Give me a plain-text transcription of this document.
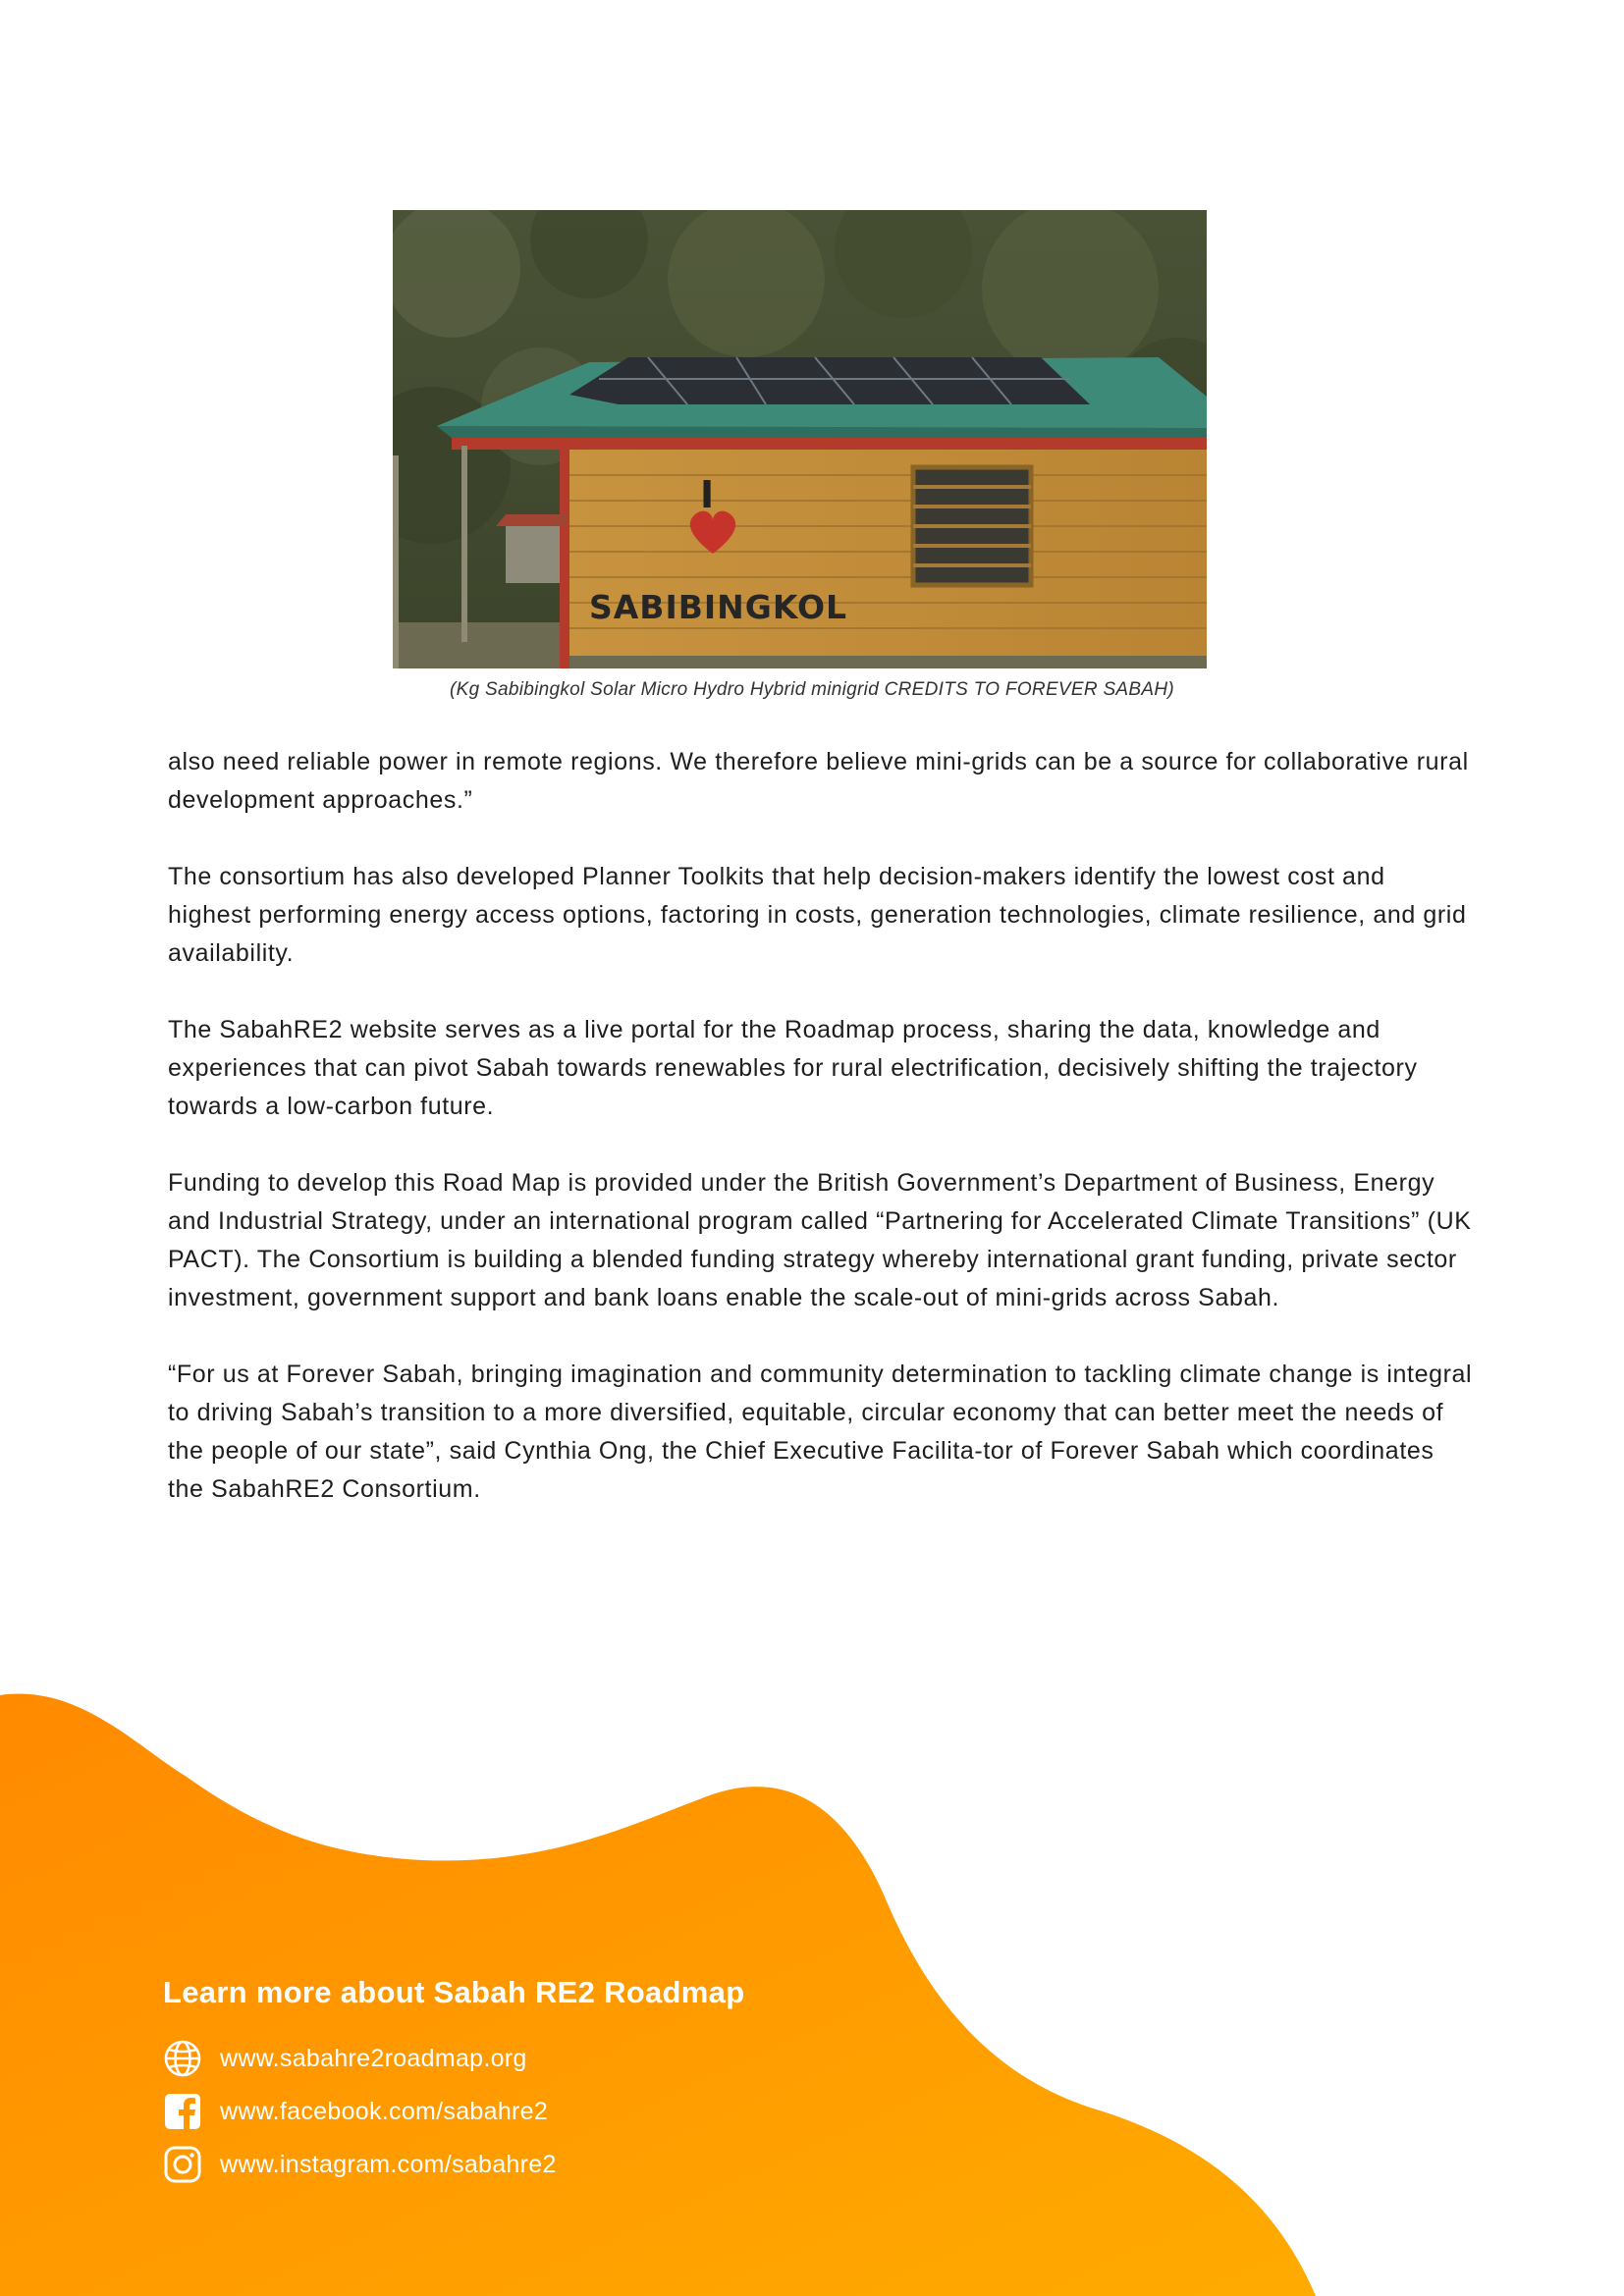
I
SABIBINGKOL
(Kg Sabibingkol Solar Micro Hydro Hybrid minigrid CREDITS TO FOREVER SABAH)

also need reliable power in remote regions. We therefore believe mini-grids can be a source for collaborative rural development approaches.”

The consortium has also developed Planner Toolkits that help decision-makers identify the lowest cost and highest performing energy access options, factoring in costs, generation technologies, climate resilience, and grid availability.

The SabahRE2 website serves as a live portal for the Roadmap process, sharing the data, knowledge and experiences that can pivot Sabah towards renewables for rural electrification, decisively shifting the trajectory towards a low-carbon future.

Funding to develop this Road Map is provided under the British Government’s Department of Business, Energy and Industrial Strategy, under an international program called “Partnering for Accelerated Climate Transitions” (UK PACT). The Consortium is building a blended funding strategy whereby international grant funding, private sector investment, government support and bank loans enable the scale-out of mini-grids across Sabah.

“For us at Forever Sabah, bringing imagination and community determination to tackling climate change is integral to driving Sabah’s transition to a more diversified, equitable, circular economy that can better meet the needs of the people of our state”, said Cynthia Ong, the Chief Executive Facilita-tor of Forever Sabah which coordinates the SabahRE2 Consortium.

Learn more about Sabah RE2 Roadmap
www.sabahre2roadmap.org
www.facebook.com/sabahre2
www.instagram.com/sabahre2
